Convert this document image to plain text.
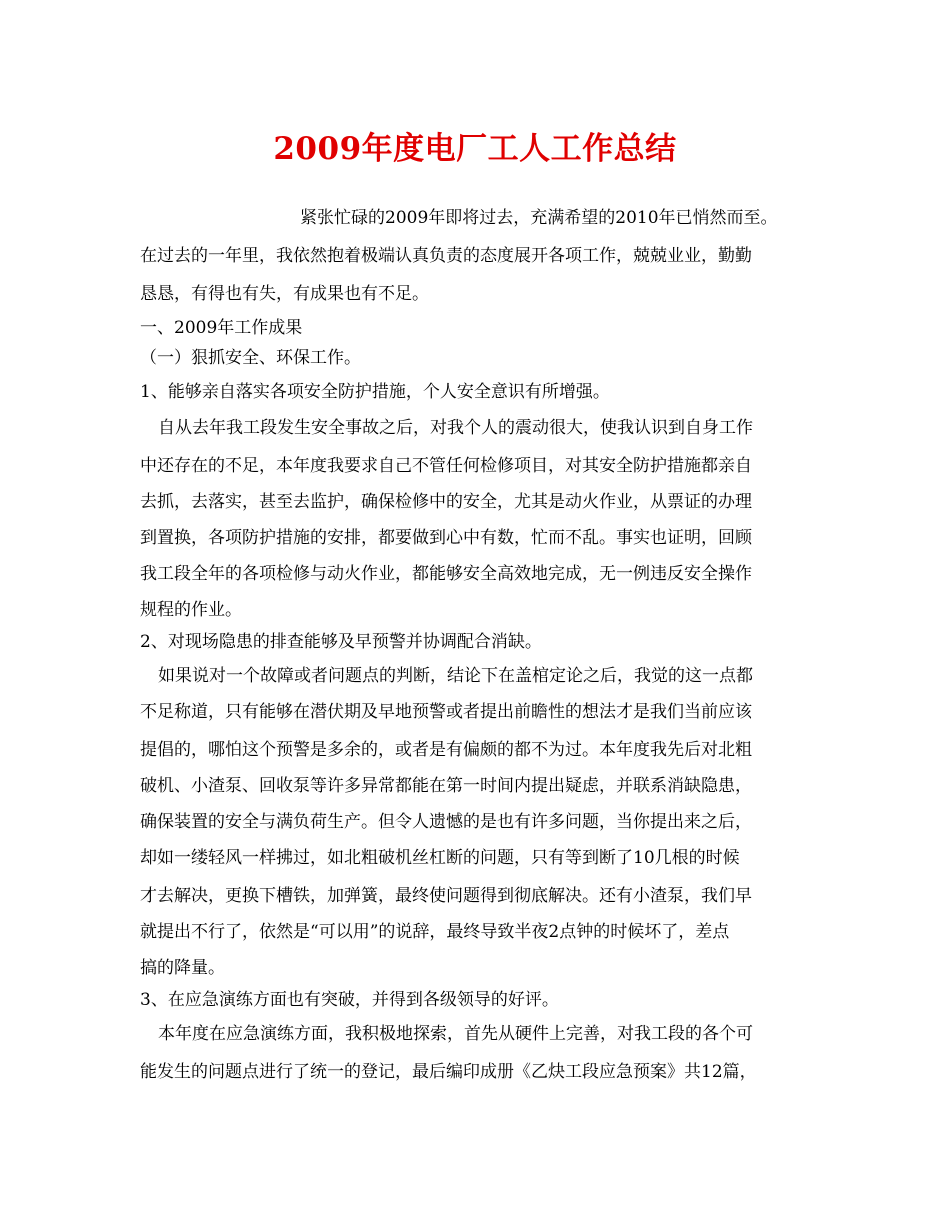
2009年度电厂工人工作总结
紧张忙碌的2009年即将过去，充满希望的2010年已悄然而至。
在过去的一年里，我依然抱着极端认真负责的态度展开各项工作，兢兢业业，勤勤
恳恳，有得也有失，有成果也有不足。
一、2009年工作成果
（一）狠抓安全、环保工作。
1、能够亲自落实各项安全防护措施，个人安全意识有所增强。
自从去年我工段发生安全事故之后，对我个人的震动很大，使我认识到自身工作
中还存在的不足，本年度我要求自己不管任何检修项目，对其安全防护措施都亲自
去抓，去落实，甚至去监护，确保检修中的安全，尤其是动火作业，从票证的办理
到置换，各项防护措施的安排，都要做到心中有数，忙而不乱。事实也证明，回顾
我工段全年的各项检修与动火作业，都能够安全高效地完成，无一例违反安全操作
规程的作业。
2、对现场隐患的排查能够及早预警并协调配合消缺。
如果说对一个故障或者问题点的判断，结论下在盖棺定论之后，我觉的这一点都
不足称道，只有能够在潜伏期及早地预警或者提出前瞻性的想法才是我们当前应该
提倡的，哪怕这个预警是多余的，或者是有偏颇的都不为过。本年度我先后对北粗
破机、小渣泵、回收泵等许多异常都能在第一时间内提出疑虑，并联系消缺隐患，
确保装置的安全与满负荷生产。但令人遗憾的是也有许多问题，当你提出来之后，
却如一缕轻风一样拂过，如北粗破机丝杠断的问题，只有等到断了10几根的时候
才去解决，更换下槽铁，加弹簧，最终使问题得到彻底解决。还有小渣泵，我们早
就提出不行了，依然是“可以用”的说辞，最终导致半夜2点钟的时候坏了，差点
搞的降量。
3、在应急演练方面也有突破，并得到各级领导的好评。
本年度在应急演练方面，我积极地探索，首先从硬件上完善，对我工段的各个可
能发生的问题点进行了统一的登记，最后编印成册《乙炔工段应急预案》共12篇，
